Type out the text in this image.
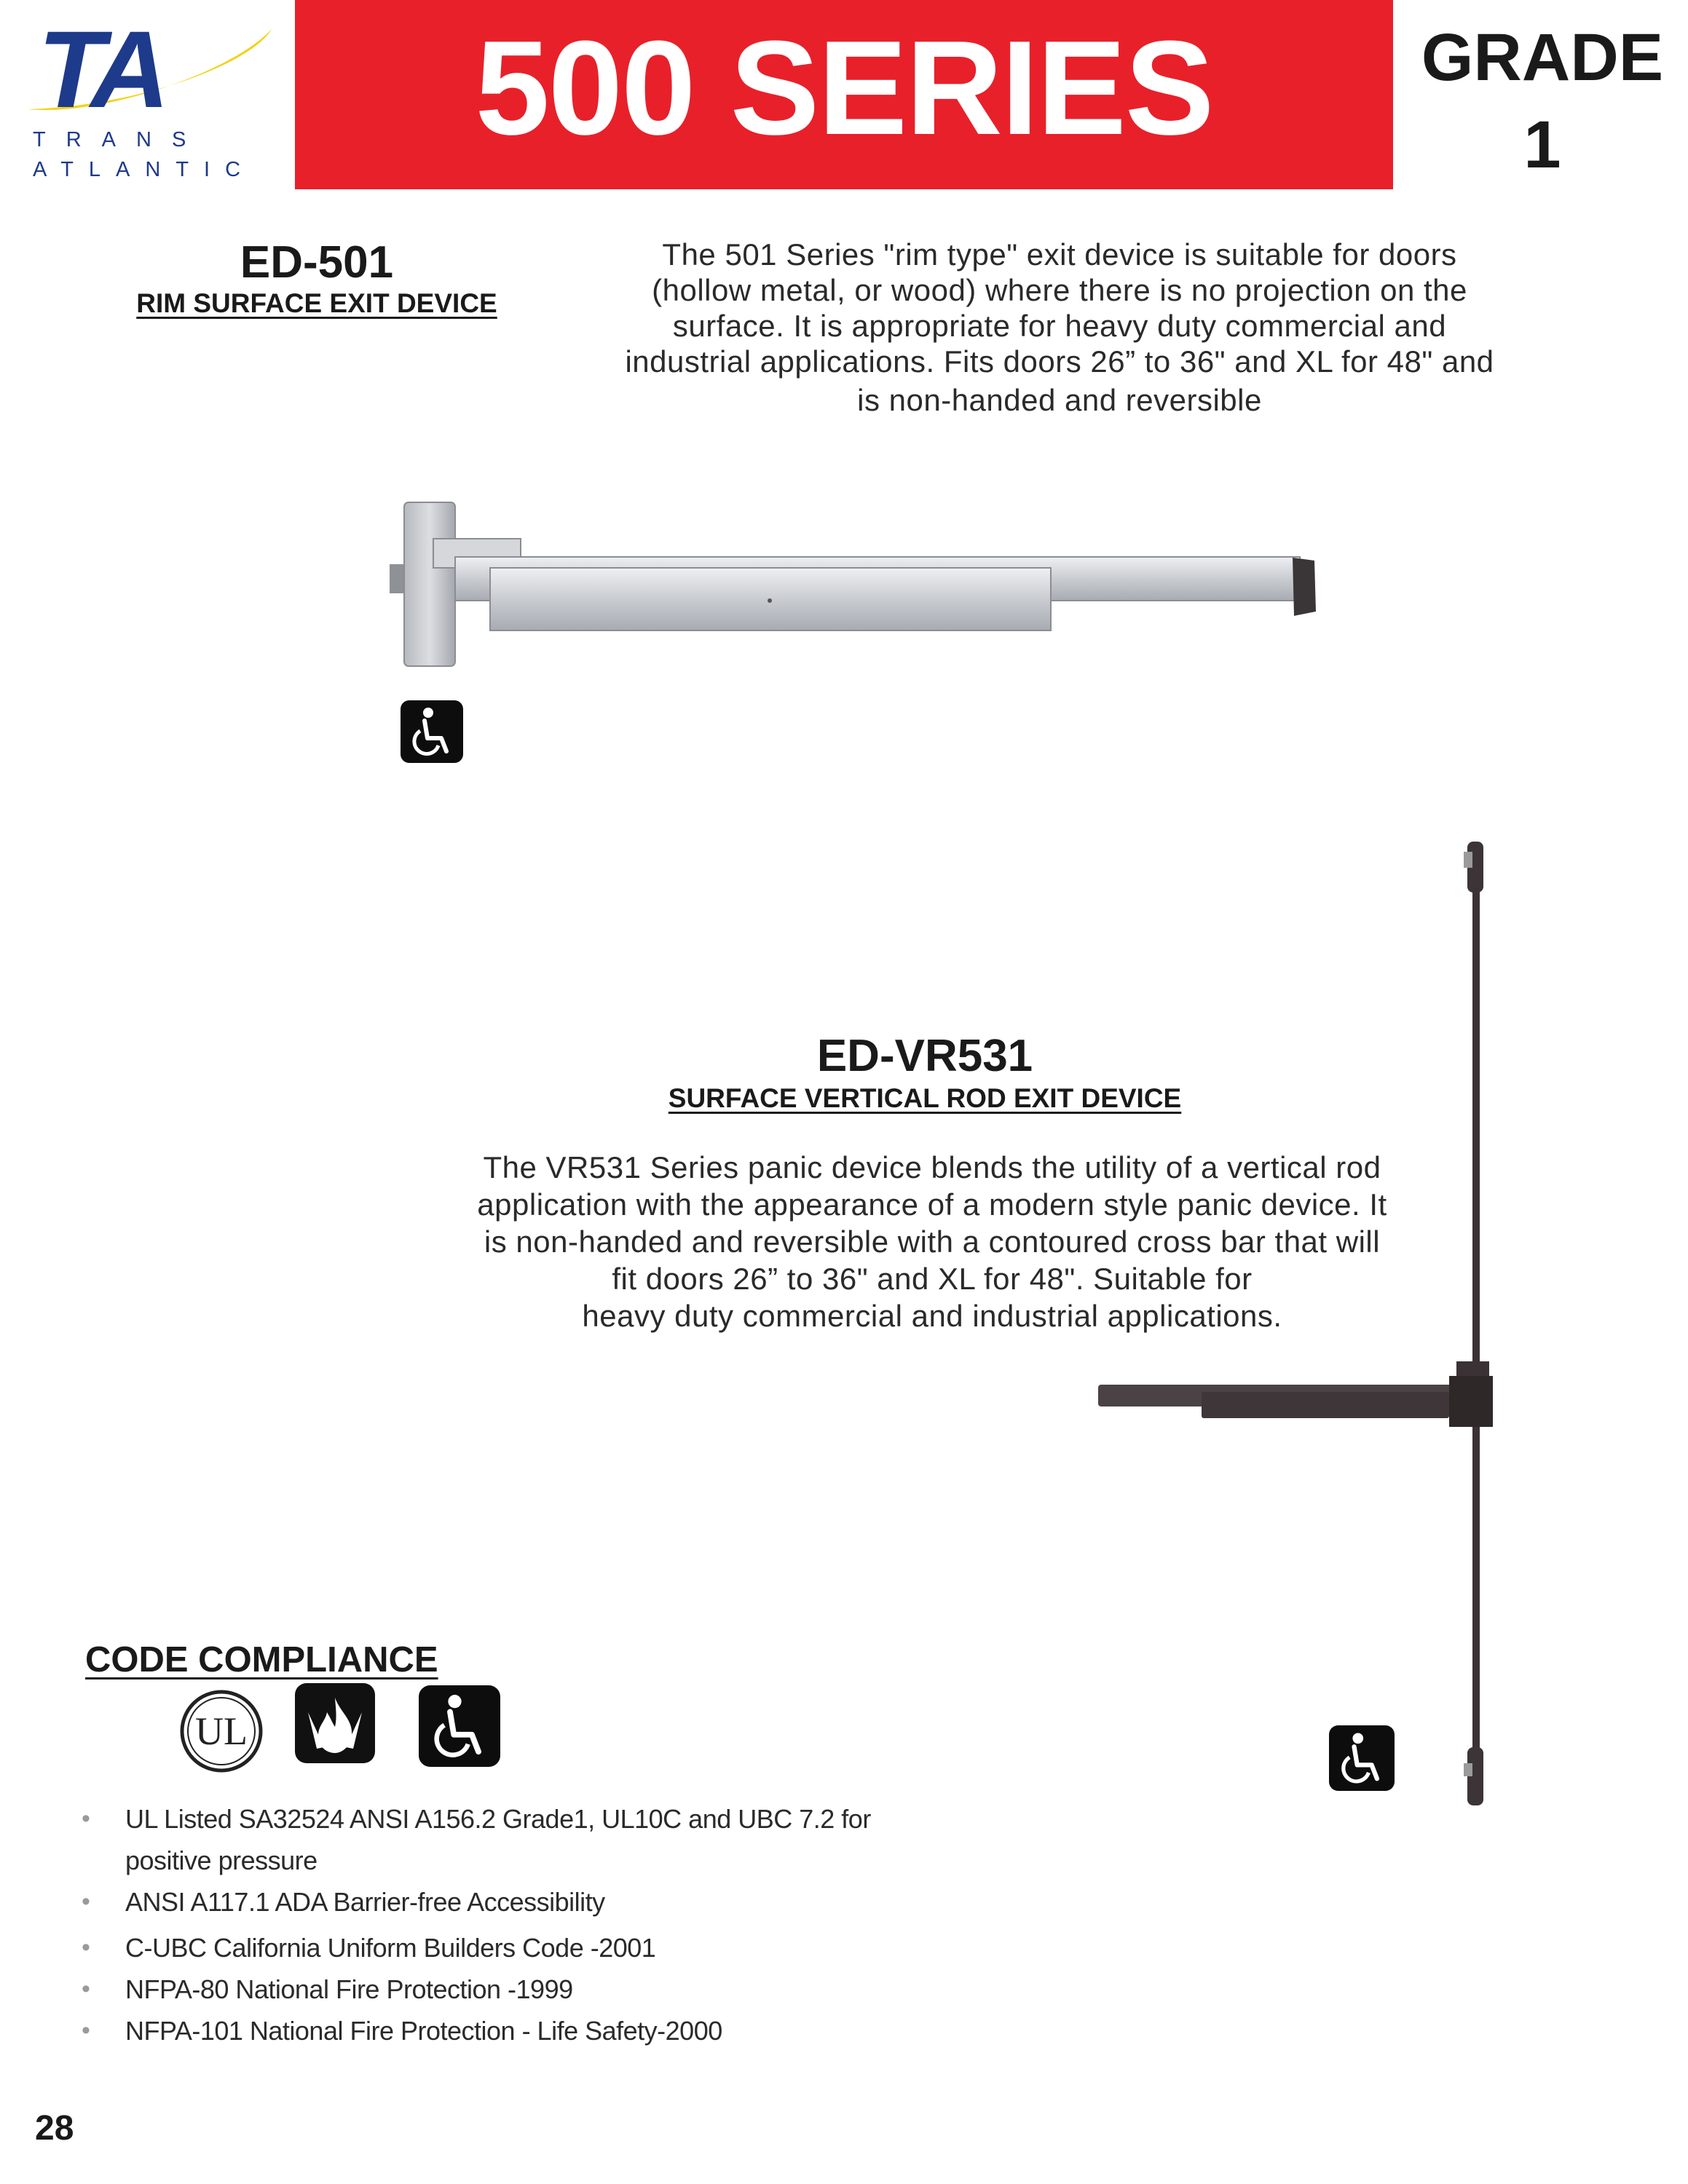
TA
TRANS
ATLANTIC
500 SERIES	GRADE
1
ED-501
RIM SURFACE EXIT DEVICE
The 501 Series "rim type" exit device is suitable for doors
(hollow metal, or wood) where there is no projection on the
surface. It is appropriate for heavy duty commercial and
industrial applications. Fits doors 26” to 36" and XL for 48" and
is non-handed and reversible
ED-VR531
SURFACE VERTICAL ROD EXIT DEVICE
The VR531 Series panic device blends the utility of a vertical rod
application with the appearance of a modern style panic device. It
is non-handed and reversible with a contoured cross bar that will
fit doors 26” to 36" and XL for 48". Suitable for
heavy duty commercial and industrial applications.
CODE COMPLIANCE
UL
• UL Listed SA32524 ANSI A156.2 Grade1, UL10C and UBC 7.2 for positive pressure
• ANSI A117.1 ADA Barrier-free Accessibility
• C-UBC California Uniform Builders Code -2001
• NFPA-80 National Fire Protection -1999
• NFPA-101 National Fire Protection - Life Safety-2000
28
